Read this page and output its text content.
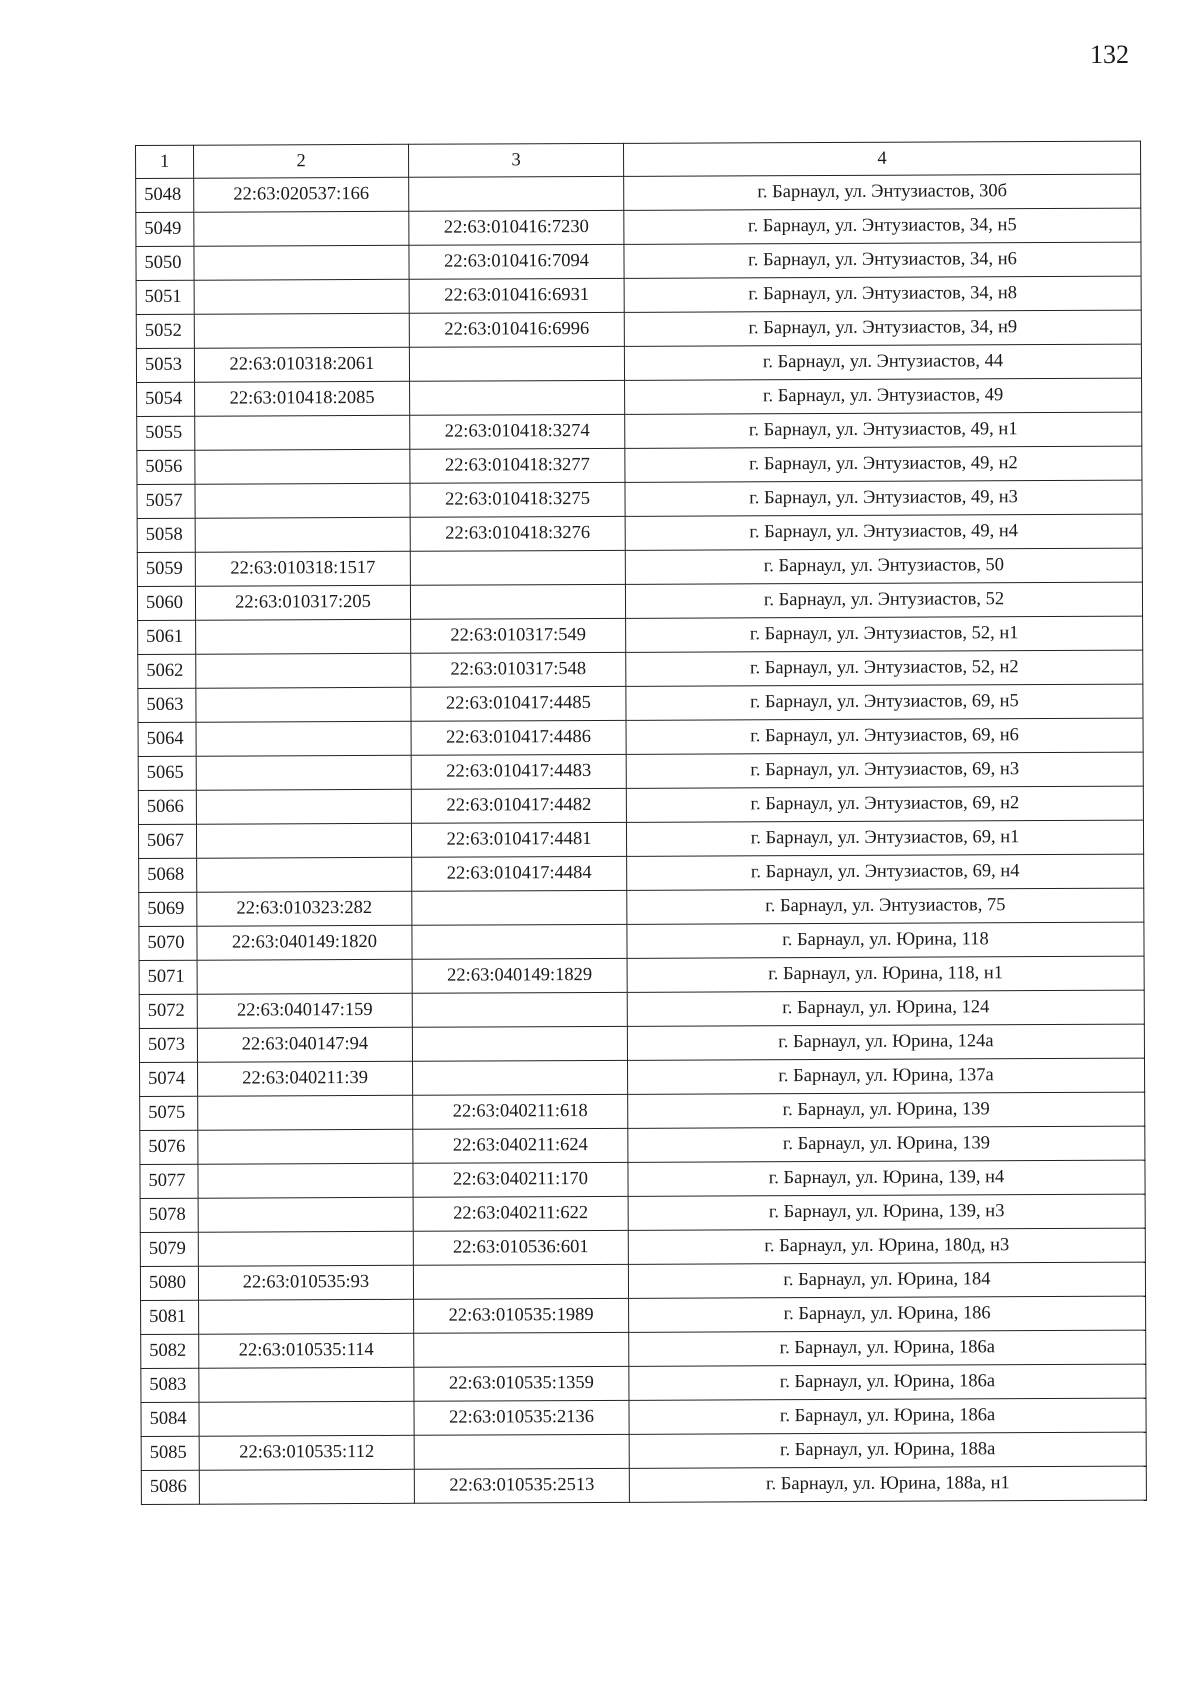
132
1	2	3	4
5048	22:63:020537:166		г. Барнаул, ул. Энтузиастов, 30б
5049		22:63:010416:7230	г. Барнаул, ул. Энтузиастов, 34, н5
5050		22:63:010416:7094	г. Барнаул, ул. Энтузиастов, 34, н6
5051		22:63:010416:6931	г. Барнаул, ул. Энтузиастов, 34, н8
5052		22:63:010416:6996	г. Барнаул, ул. Энтузиастов, 34, н9
5053	22:63:010318:2061		г. Барнаул, ул. Энтузиастов, 44
5054	22:63:010418:2085		г. Барнаул, ул. Энтузиастов, 49
5055		22:63:010418:3274	г. Барнаул, ул. Энтузиастов, 49, н1
5056		22:63:010418:3277	г. Барнаул, ул. Энтузиастов, 49, н2
5057		22:63:010418:3275	г. Барнаул, ул. Энтузиастов, 49, н3
5058		22:63:010418:3276	г. Барнаул, ул. Энтузиастов, 49, н4
5059	22:63:010318:1517		г. Барнаул, ул. Энтузиастов, 50
5060	22:63:010317:205		г. Барнаул, ул. Энтузиастов, 52
5061		22:63:010317:549	г. Барнаул, ул. Энтузиастов, 52, н1
5062		22:63:010317:548	г. Барнаул, ул. Энтузиастов, 52, н2
5063		22:63:010417:4485	г. Барнаул, ул. Энтузиастов, 69, н5
5064		22:63:010417:4486	г. Барнаул, ул. Энтузиастов, 69, н6
5065		22:63:010417:4483	г. Барнаул, ул. Энтузиастов, 69, н3
5066		22:63:010417:4482	г. Барнаул, ул. Энтузиастов, 69, н2
5067		22:63:010417:4481	г. Барнаул, ул. Энтузиастов, 69, н1
5068		22:63:010417:4484	г. Барнаул, ул. Энтузиастов, 69, н4
5069	22:63:010323:282		г. Барнаул, ул. Энтузиастов, 75
5070	22:63:040149:1820		г. Барнаул, ул. Юрина, 118
5071		22:63:040149:1829	г. Барнаул, ул. Юрина, 118, н1
5072	22:63:040147:159		г. Барнаул, ул. Юрина, 124
5073	22:63:040147:94		г. Барнаул, ул. Юрина, 124а
5074	22:63:040211:39		г. Барнаул, ул. Юрина, 137а
5075		22:63:040211:618	г. Барнаул, ул. Юрина, 139
5076		22:63:040211:624	г. Барнаул, ул. Юрина, 139
5077		22:63:040211:170	г. Барнаул, ул. Юрина, 139, н4
5078		22:63:040211:622	г. Барнаул, ул. Юрина, 139, н3
5079		22:63:010536:601	г. Барнаул, ул. Юрина, 180д, н3
5080	22:63:010535:93		г. Барнаул, ул. Юрина, 184
5081		22:63:010535:1989	г. Барнаул, ул. Юрина, 186
5082	22:63:010535:114		г. Барнаул, ул. Юрина, 186а
5083		22:63:010535:1359	г. Барнаул, ул. Юрина, 186а
5084		22:63:010535:2136	г. Барнаул, ул. Юрина, 186а
5085	22:63:010535:112		г. Барнаул, ул. Юрина, 188а
5086		22:63:010535:2513	г. Барнаул, ул. Юрина, 188а, н1
